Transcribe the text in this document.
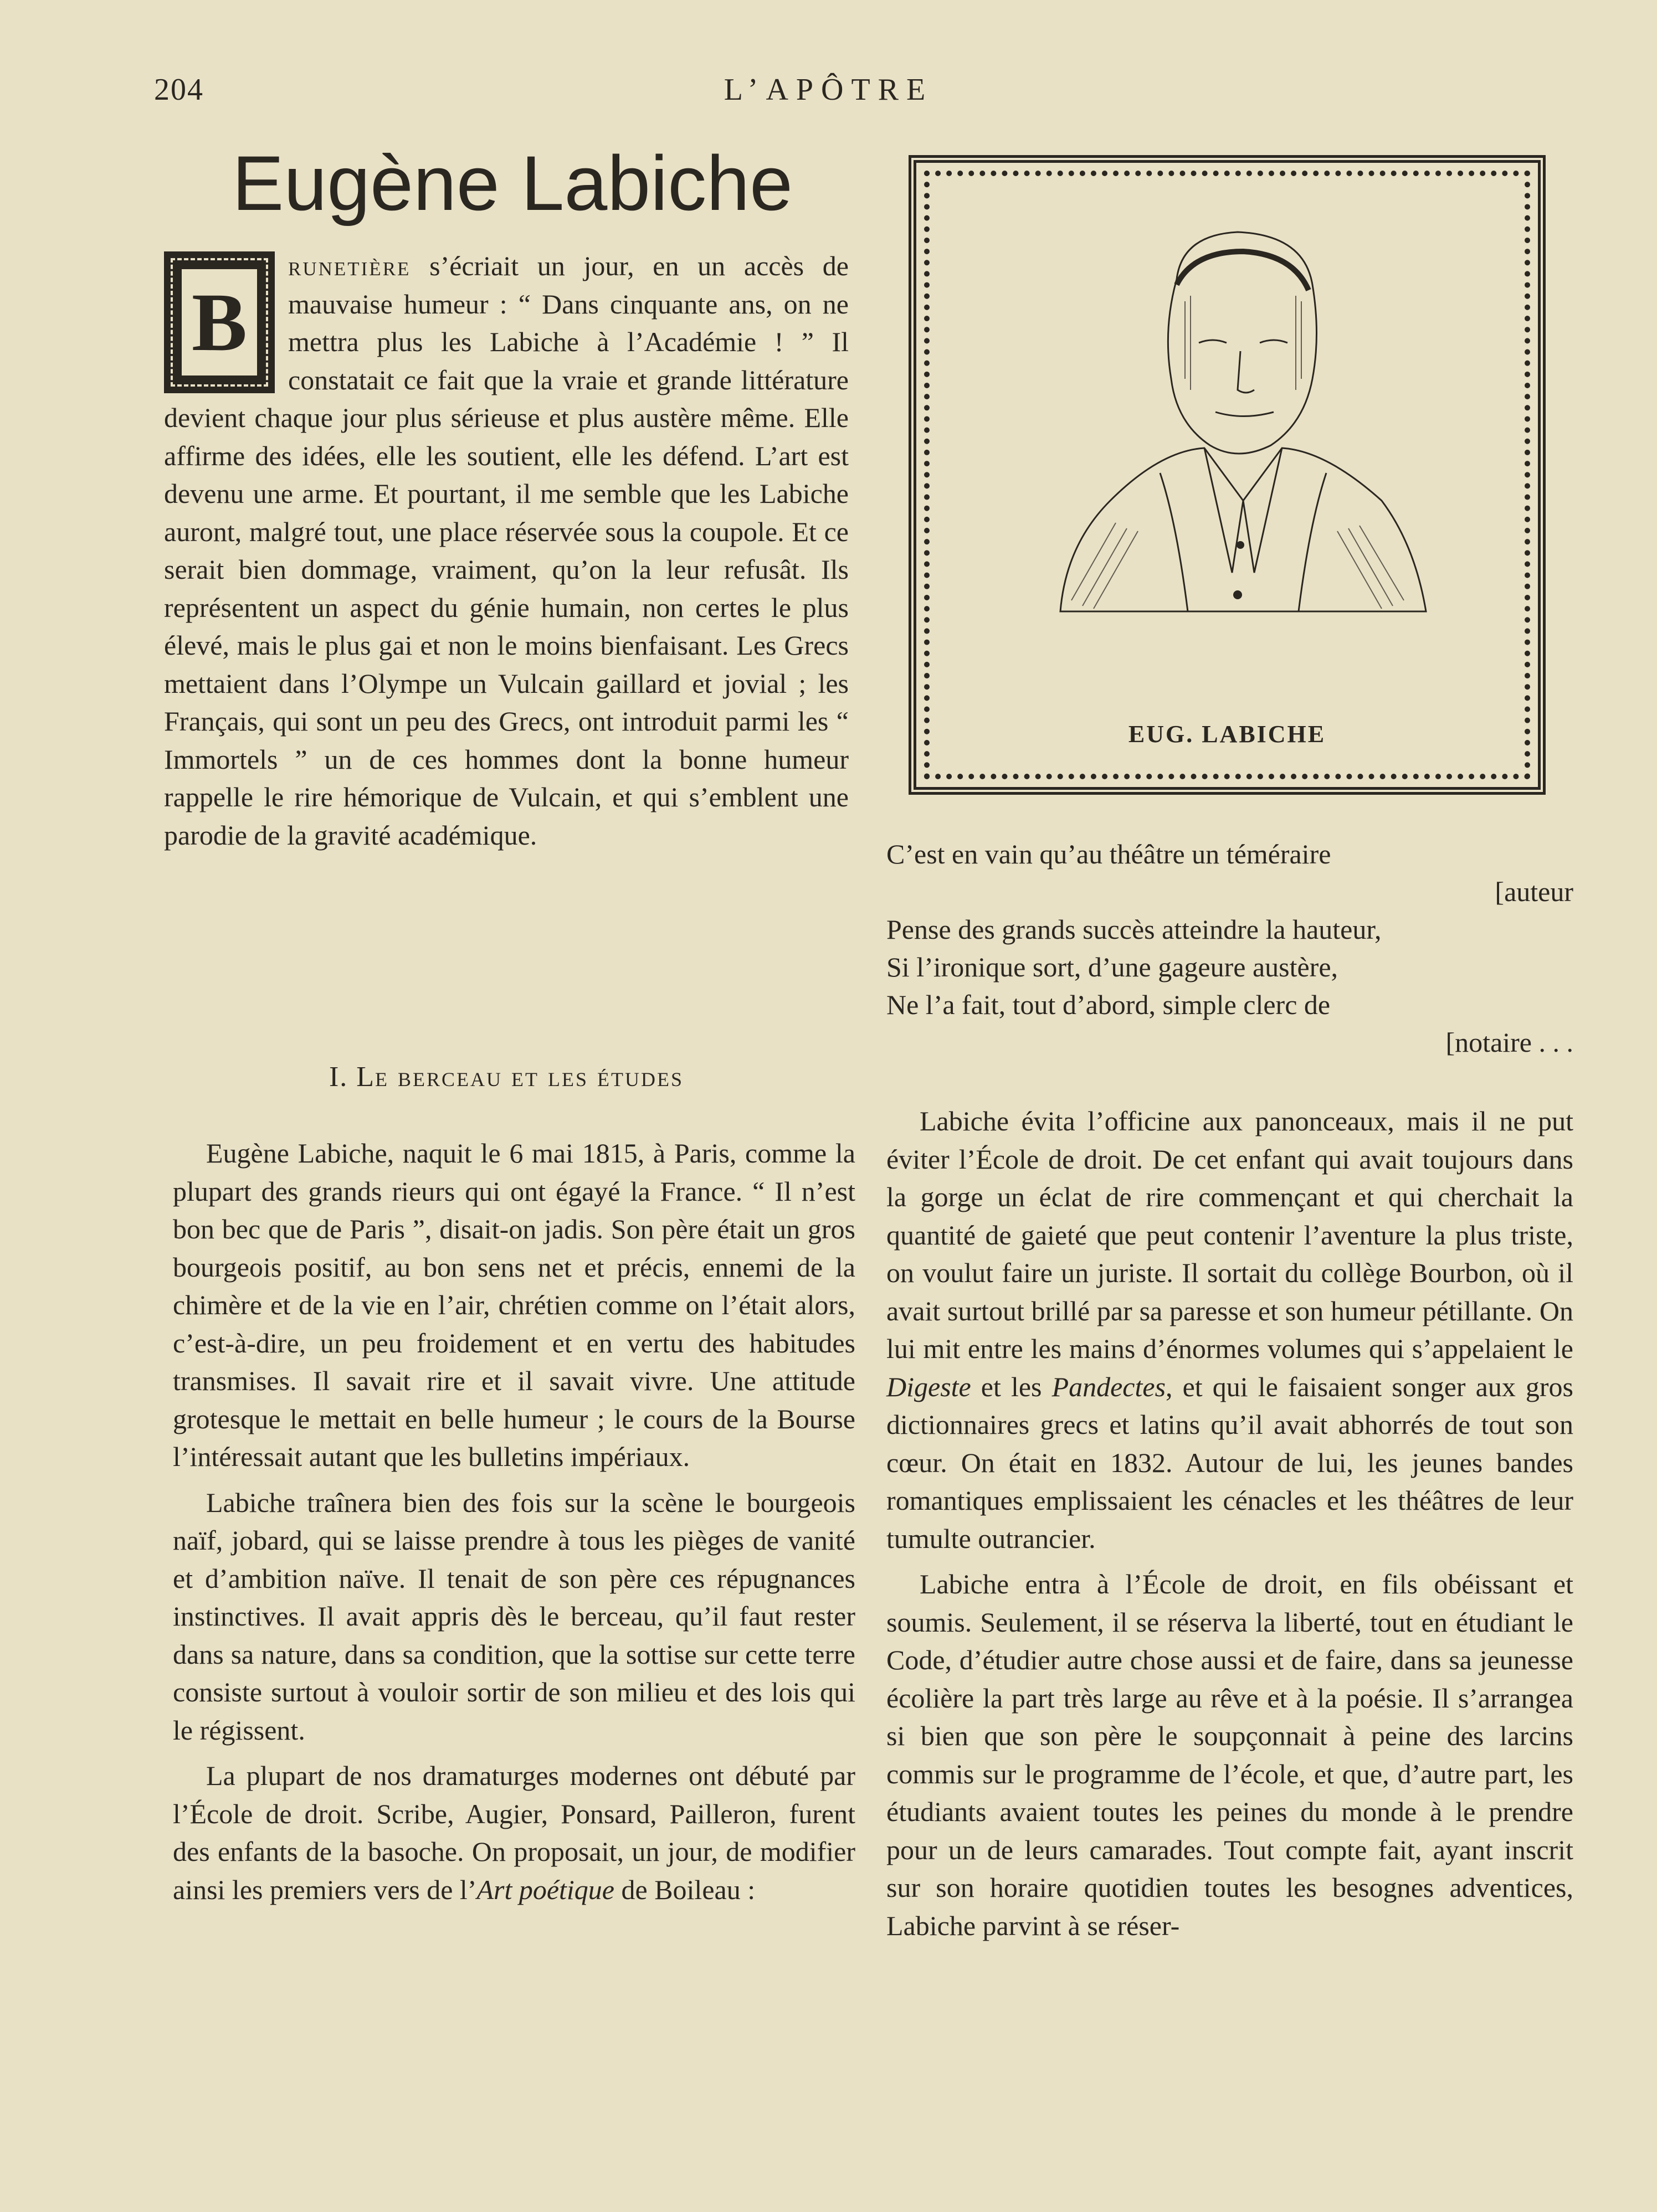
204	L’APÔTRE
Eugène Labiche
B

runetière s’écriait un jour, en un accès de mauvaise humeur : “ Dans cinquante ans, on ne mettra plus les Labiche à l’Académie ! ” Il constatait ce fait que la vraie et grande littérature devient chaque jour plus sérieuse et plus austère même. Elle affirme des idées, elle les soutient, elle les défend. L’art est devenu une arme. Et pourtant, il me semble que les Labiche auront, malgré tout, une place réservée sous la coupole. Et ce serait bien dommage, vraiment, qu’on la leur refusât. Ils représentent un aspect du génie humain, non certes le plus élevé, mais le plus gai et non le moins bienfaisant. Les Grecs mettaient dans l’Olympe un Vulcain gaillard et jovial ; les Français, qui sont un peu des Grecs, ont introduit parmi les “ Immortels ” un de ces hommes dont la bonne humeur rappelle le rire hémorique de Vulcain, et qui s’emblent une parodie de la gravité académique.

I. Le berceau et les études

Eugène Labiche, naquit le 6 mai 1815, à Paris, comme la plupart des grands rieurs qui ont égayé la France. “ Il n’est bon bec que de Paris ”, disait-on jadis. Son père était un gros bourgeois positif, au bon sens net et précis, ennemi de la chimère et de la vie en l’air, chrétien comme on l’était alors, c’est-à-dire, un peu froidement et en vertu des habitudes transmises. Il savait rire et il savait vivre. Une attitude grotesque le mettait en belle humeur ; le cours de la Bourse l’intéressait autant que les bulletins impériaux.

Labiche traînera bien des fois sur la scène le bourgeois naïf, jobard, qui se laisse prendre à tous les pièges de vanité et d’ambition naïve. Il tenait de son père ces répugnances instinctives. Il avait appris dès le berceau, qu’il faut rester dans sa nature, dans sa condition, que la sottise sur cette terre consiste surtout à vouloir sortir de son milieu et des lois qui le régissent.

La plupart de nos dramaturges modernes ont débuté par l’École de droit. Scribe, Augier, Ponsard, Pailleron, furent des enfants de la basoche. On proposait, un jour, de modifier ainsi les premiers vers de l’Art poétique de Boileau :

EUG. LABICHE
C’est en vain qu’au théâtre un téméraire
[auteur
Pense des grands succès atteindre la hauteur,
Si l’ironique sort, d’une gageure austère,
Ne l’a fait, tout d’abord, simple clerc de
[notaire . . .

Labiche évita l’officine aux panonceaux, mais il ne put éviter l’École de droit. De cet enfant qui avait toujours dans la gorge un éclat de rire commençant et qui cherchait la quantité de gaieté que peut contenir l’aventure la plus triste, on voulut faire un juriste. Il sortait du collège Bourbon, où il avait surtout brillé par sa paresse et son humeur pétillante. On lui mit entre les mains d’énormes volumes qui s’appelaient le Digeste et les Pandectes, et qui le faisaient songer aux gros dictionnaires grecs et latins qu’il avait abhorrés de tout son cœur. On était en 1832. Autour de lui, les jeunes bandes romantiques emplissaient les cénacles et les théâtres de leur tumulte outrancier.

Labiche entra à l’École de droit, en fils obéissant et soumis. Seulement, il se réserva la liberté, tout en étudiant le Code, d’étudier autre chose aussi et de faire, dans sa jeunesse écolière la part très large au rêve et à la poésie. Il s’arrangea si bien que son père le soupçonnait à peine des larcins commis sur le programme de l’école, et que, d’autre part, les étudiants avaient toutes les peines du monde à le prendre pour un de leurs camarades. Tout compte fait, ayant inscrit sur son horaire quotidien toutes les besognes adventices, Labiche parvint à se réser-
